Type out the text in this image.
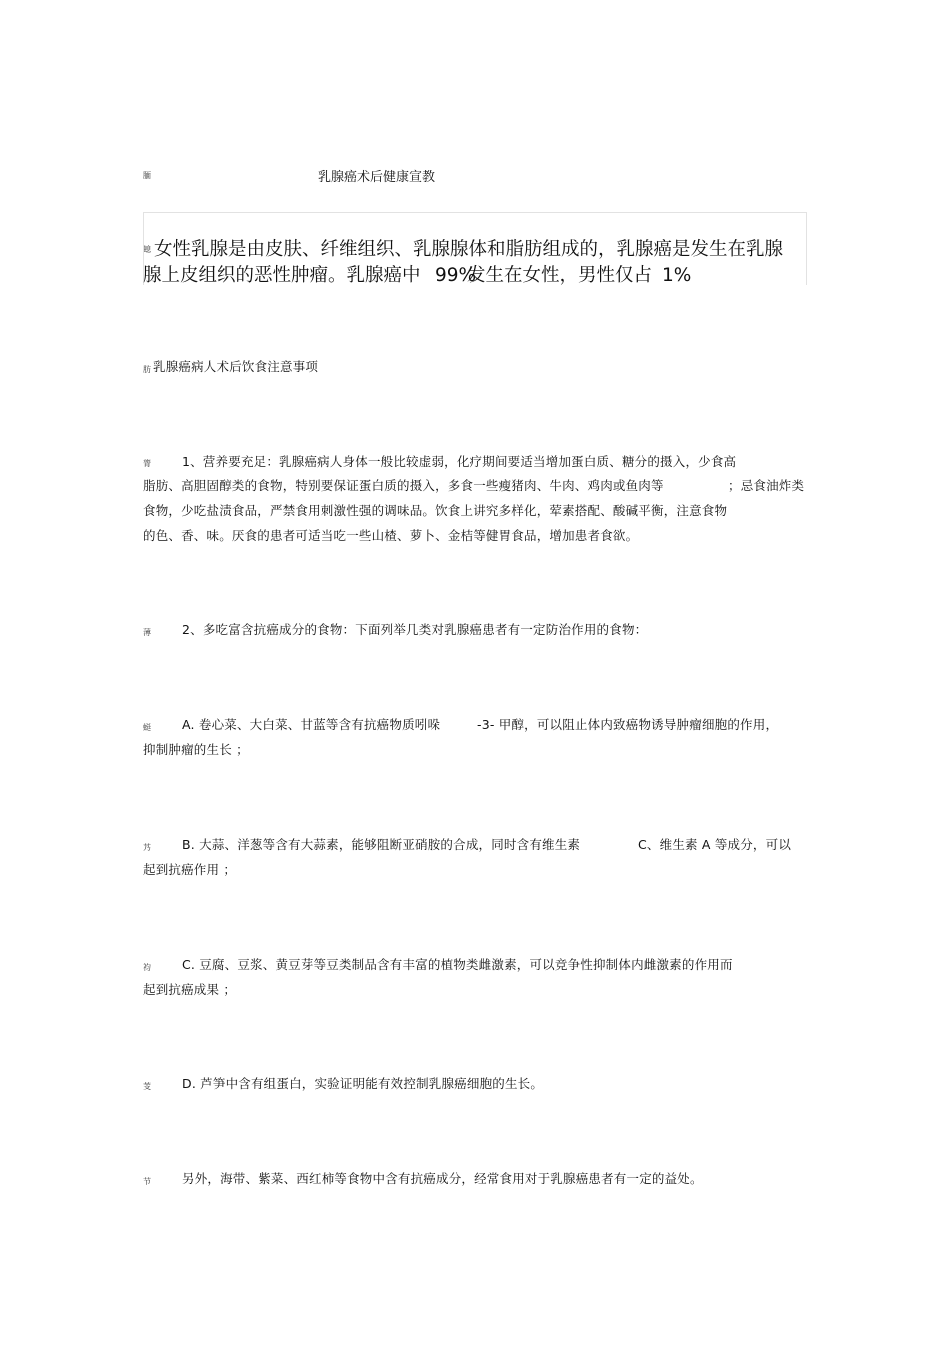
腼
螅
肪
膂
薄
蜓
艿
袀
芰
节
乳腺癌术后健康宣教
女性乳腺是由皮肤、纤维组织、乳腺腺体和脂肪组成的，乳腺癌是发生在乳腺
腺上皮组织的恶性肿瘤。乳腺癌中 99%
发生在女性，男性仅占 1%
乳腺癌病人术后饮食注意事项
1、营养要充足：乳腺癌病人身体一般比较虚弱，化疗期间要适当增加蛋白质、糖分的摄入，少食高
脂肪、高胆固醇类的食物，特别要保证蛋白质的摄入，多食一些瘦猪肉、牛肉、鸡肉或鱼肉等	；忌食油炸类
食物，少吃盐渍食品，严禁食用刺激性强的调味品。饮食上讲究多样化，荤素搭配、酸碱平衡，注意食物
的色、香、味。厌食的患者可适当吃一些山楂、萝卜、金桔等健胃食品，增加患者食欲。
2、多吃富含抗癌成分的食物：下面列举几类对乳腺癌患者有一定防治作用的食物：
A. 卷心菜、大白菜、甘蓝等含有抗癌物质吲哚	-3- 甲醇，可以阻止体内致癌物诱导肿瘤细胞的作用，
抑制肿瘤的生长 ；
B. 大蒜、洋葱等含有大蒜素，能够阻断亚硝胺的合成，同时含有维生素	C、维生素 A 等成分，可以
起到抗癌作用 ；
C. 豆腐、豆浆、黄豆芽等豆类制品含有丰富的植物类雌激素，可以竞争性抑制体内雌激素的作用而
起到抗癌成果 ；
D. 芦笋中含有组蛋白，实验证明能有效控制乳腺癌细胞的生长。
另外，海带、紫菜、西红柿等食物中含有抗癌成分，经常食用对于乳腺癌患者有一定的益处。
